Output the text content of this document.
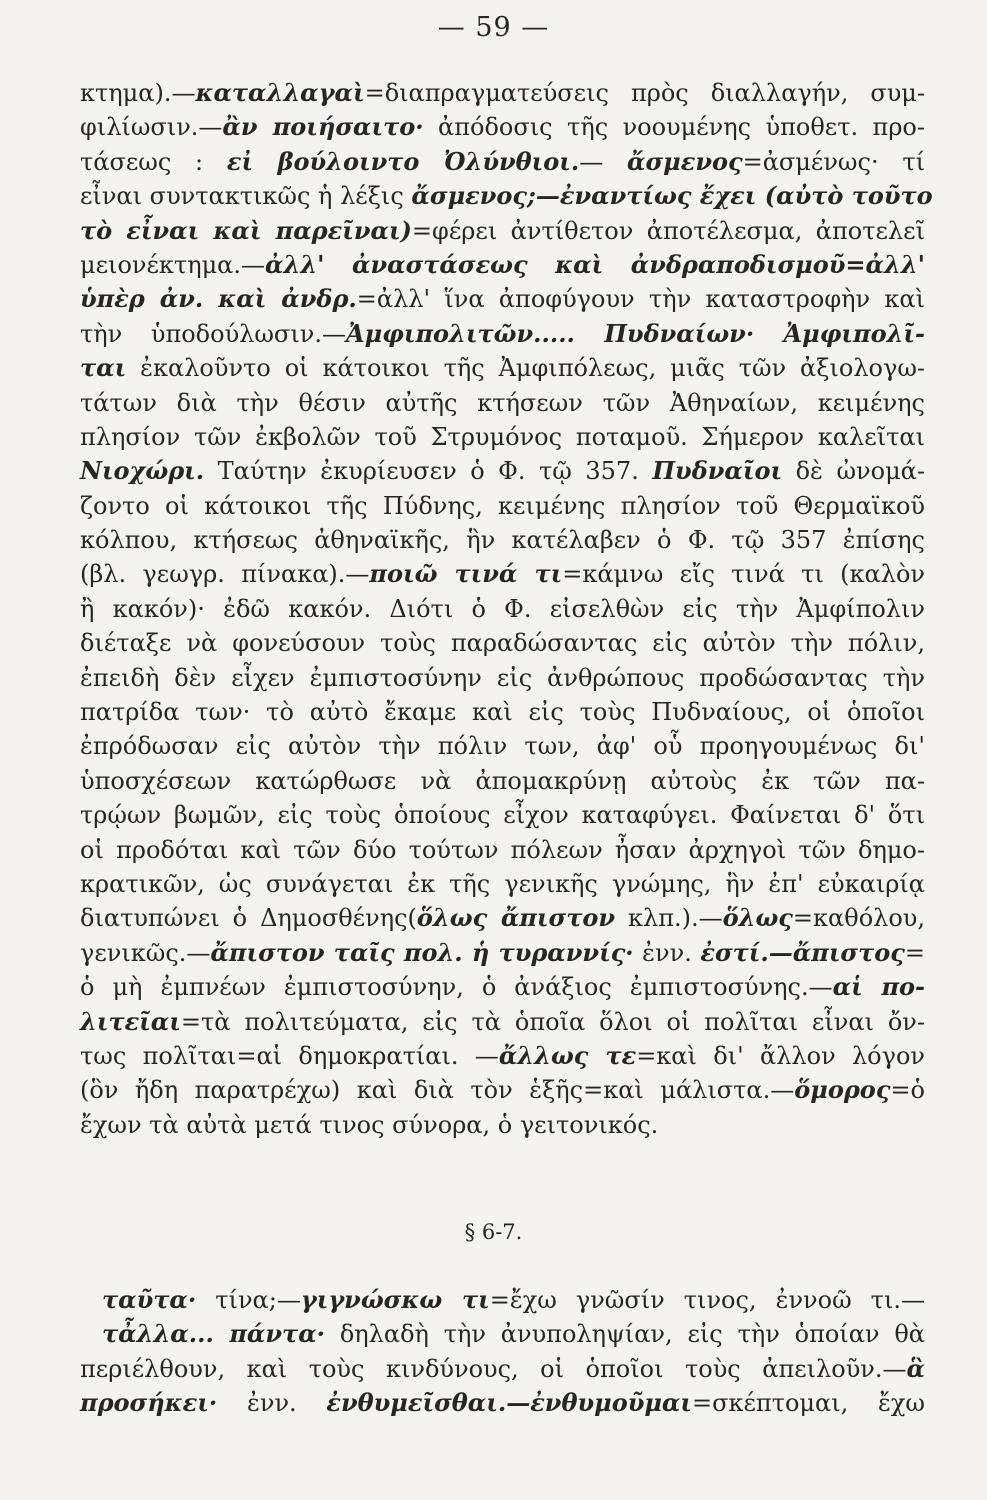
— 59 —
κτημα).—καταλλαγαὶ=διαπραγματεύσεις πρὸς διαλλαγήν, συμ-
φιλίωσιν.—ἂν ποιήσαιτο· ἀπόδοσις τῆς νοουμένης ὑποθετ. προ-
τάσεως : εἰ βούλοιντο Ὀλύνθιοι.— ἄσμενος=ἀσμένως· τί
εἶναι συντακτικῶς ἡ λέξις ἄσμενος;—ἐναντίως ἔχει (αὐτὸ τοῦτο
τὸ εἶναι καὶ παρεῖναι)=φέρει ἀντίθετον ἀποτέλεσμα, ἀποτελεῖ
μειονέκτημα.—ἀλλ' ἀναστάσεως καὶ ἀνδραποδισμοῦ=ἀλλ'
ὑπὲρ ἀν. καὶ ἀνδρ.=ἀλλ' ἵνα ἀποφύγουν τὴν καταστροφὴν καὶ
τὴν ὑποδούλωσιν.—Ἀμφιπολιτῶν..... Πυδναίων· Ἀμφιπολῖ-
ται ἐκαλοῦντο οἱ κάτοικοι τῆς Ἀμφιπόλεως, μιᾶς τῶν ἀξιολογω-
τάτων διὰ τὴν θέσιν αὐτῆς κτήσεων τῶν Ἀθηναίων, κειμένης
πλησίον τῶν ἐκβολῶν τοῦ Στρυμόνος ποταμοῦ. Σήμερον καλεῖται
Νιοχώρι. Ταύτην ἐκυρίευσεν ὁ Φ. τῷ 357. Πυδναῖοι δὲ ὠνομά-
ζοντο οἱ κάτοικοι τῆς Πύδνης, κειμένης πλησίον τοῦ Θερμαϊκοῦ
κόλπου, κτήσεως ἀθηναϊκῆς, ἣν κατέλαβεν ὁ Φ. τῷ 357 ἐπίσης
(βλ. γεωγρ. πίνακα).—ποιῶ τινά τι=κάμνω εἴς τινά τι (καλὸν
ἢ κακόν)· ἐδῶ κακόν. Διότι ὁ Φ. εἰσελθὼν εἰς τὴν Ἀμφίπολιν
διέταξε νὰ φονεύσουν τοὺς παραδώσαντας εἰς αὐτὸν τὴν πόλιν,
ἐπειδὴ δὲν εἶχεν ἐμπιστοσύνην εἰς ἀνθρώπους προδώσαντας τὴν
πατρίδα των· τὸ αὐτὸ ἔκαμε καὶ εἰς τοὺς Πυδναίους, οἱ ὁποῖοι
ἐπρόδωσαν εἰς αὐτὸν τὴν πόλιν των, ἀφ' οὗ προηγουμένως δι'
ὑποσχέσεων κατώρθωσε νὰ ἀπομακρύνῃ αὐτοὺς ἐκ τῶν πα-
τρῴων βωμῶν, εἰς τοὺς ὁποίους εἶχον καταφύγει. Φαίνεται δ' ὅτι
οἱ προδόται καὶ τῶν δύο τούτων πόλεων ἦσαν ἀρχηγοὶ τῶν δημο-
κρατικῶν, ὡς συνάγεται ἐκ τῆς γενικῆς γνώμης, ἣν ἐπ' εὐκαιρίᾳ
διατυπώνει ὁ Δημοσθένης(ὅλως ἄπιστον κλπ.).—ὅλως=καθόλου,
γενικῶς.—ἄπιστον ταῖς πολ. ἡ τυραννίς· ἐνν. ἐστί.—ἄπιστος=
ὁ μὴ ἐμπνέων ἐμπιστοσύνην, ὁ ἀνάξιος ἐμπιστοσύνης.—αἱ πο-
λιτεῖαι=τὰ πολιτεύματα, εἰς τὰ ὁποῖα ὅλοι οἱ πολῖται εἶναι ὄν-
τως πολῖται=αἱ δημοκρατίαι. —ἄλλως τε=καὶ δι' ἄλλον λόγον
(ὃν ἤδη παρατρέχω) καὶ διὰ τὸν ἑξῆς=καὶ μάλιστα.—ὅμορος=ὁ
ἔχων τὰ αὐτὰ μετά τινος σύνορα, ὁ γειτονικός.
§ 6-7.
ταῦτα· τίνα;—γιγνώσκω τι=ἔχω γνῶσίν τινος, ἐννοῶ τι.—
τἆλλα... πάντα· δηλαδὴ τὴν ἀνυποληψίαν, εἰς τὴν ὁποίαν θὰ
περιέλθουν, καὶ τοὺς κινδύνους, οἱ ὁποῖοι τοὺς ἀπειλοῦν.—ἃ
προσήκει· ἐνν. ἐνθυμεῖσθαι.—ἐνθυμοῦμαι=σκέπτομαι, ἔχω
